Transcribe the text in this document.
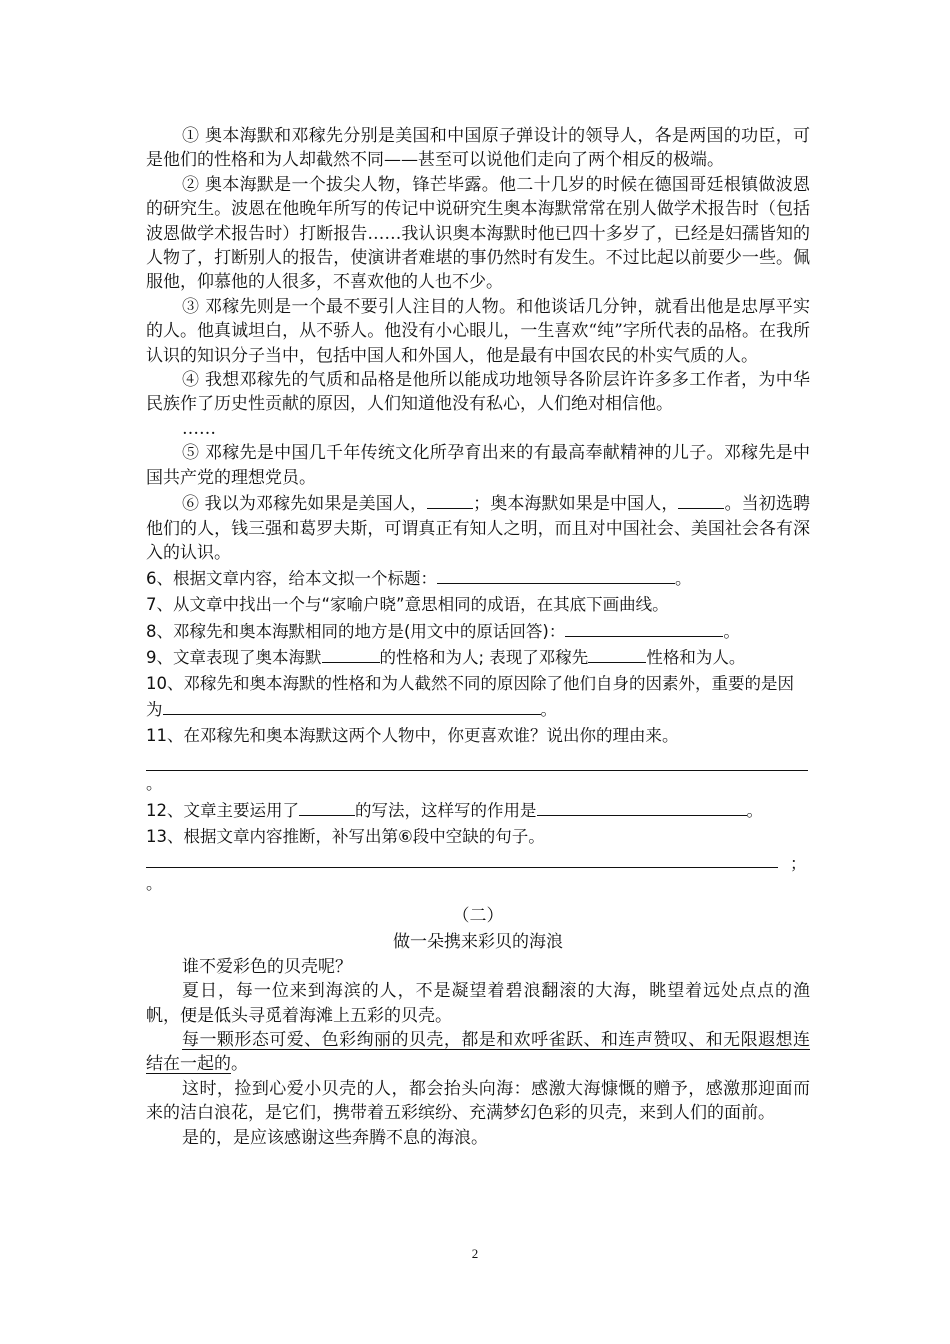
① 奥本海默和邓稼先分别是美国和中国原子弹设计的领导人，各是两国的功臣，可是他们的性格和为人却截然不同——甚至可以说他们走向了两个相反的极端。

② 奥本海默是一个拔尖人物，锋芒毕露。他二十几岁的时候在德国哥廷根镇做波恩的研究生。波恩在他晚年所写的传记中说研究生奥本海默常常在别人做学术报告时（包括波恩做学术报告时）打断报告……我认识奥本海默时他已四十多岁了，已经是妇孺皆知的人物了，打断别人的报告，使演讲者难堪的事仍然时有发生。不过比起以前要少一些。佩服他，仰慕他的人很多，不喜欢他的人也不少。

③ 邓稼先则是一个最不要引人注目的人物。和他谈话几分钟，就看出他是忠厚平实的人。他真诚坦白，从不骄人。他没有小心眼儿，一生喜欢“纯”字所代表的品格。在我所认识的知识分子当中，包括中国人和外国人，他是最有中国农民的朴实气质的人。

④ 我想邓稼先的气质和品格是他所以能成功地领导各阶层许许多多工作者，为中华民族作了历史性贡献的原因，人们知道他没有私心，人们绝对相信他。

……

⑤ 邓稼先是中国几千年传统文化所孕育出来的有最高奉献精神的儿子。邓稼先是中国共产党的理想党员。

⑥ 我以为邓稼先如果是美国人，	；奥本海默如果是中国人，	。当初选聘他们的人，钱三强和葛罗夫斯，可谓真正有知人之明，而且对中国社会、美国社会各有深入的认识。

6、根据文章内容，给本文拟一个标题：	。

7、从文章中找出一个与“家喻户晓”意思相同的成语，在其底下画曲线。

8、邓稼先和奥本海默相同的地方是(用文中的原话回答)：	。

9、文章表现了奥本海默	的性格和为人; 表现了邓稼先	性格和为人。

10、邓稼先和奥本海默的性格和为人截然不同的原因除了他们自身的因素外，重要的是因为	。

11、在邓稼先和奥本海默这两个人物中，你更喜欢谁？说出你的理由来。

。

12、文章主要运用了	的写法，这样写的作用是	。

13、根据文章内容推断，补写出第⑥段中空缺的句子。

；

。

（二）

做一朵携来彩贝的海浪

谁不爱彩色的贝壳呢？

夏日，每一位来到海滨的人，不是凝望着碧浪翻滚的大海，眺望着远处点点的渔帆，便是低头寻觅着海滩上五彩的贝壳。

每一颗形态可爱、色彩绚丽的贝壳，都是和欢呼雀跃、和连声赞叹、和无限遐想连结在一起的。

这时，捡到心爱小贝壳的人，都会抬头向海：感激大海慷慨的赠予，感激那迎面而来的洁白浪花，是它们，携带着五彩缤纷、充满梦幻色彩的贝壳，来到人们的面前。

是的，是应该感谢这些奔腾不息的海浪。

2
